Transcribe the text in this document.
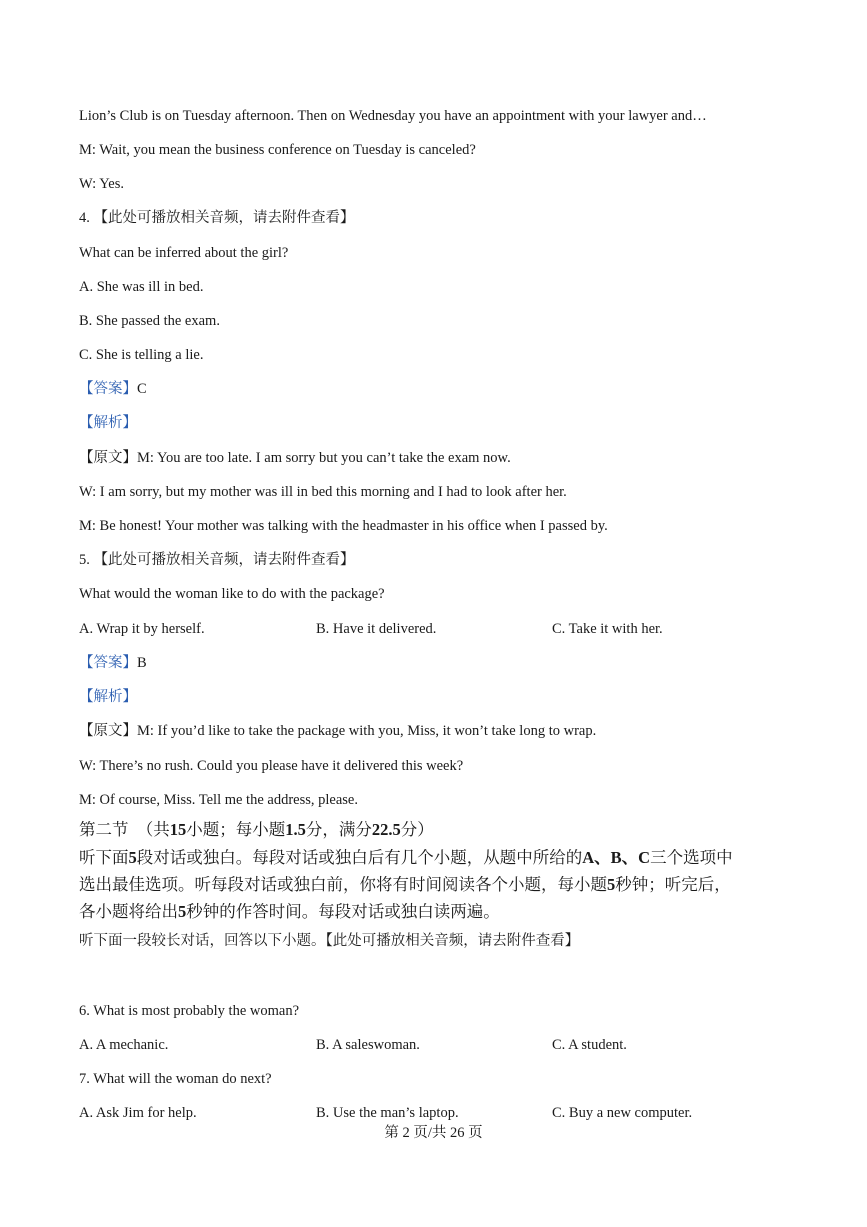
Lion’s Club is on Tuesday afternoon. Then on Wednesday you have an appointment with your lawyer and…
M: Wait, you mean the business conference on Tuesday is canceled?
W: Yes.
4. 【此处可播放相关音频，请去附件查看】
What can be inferred about the girl?
A. She was ill in bed.
B. She passed the exam.
C. She is telling a lie.
【答案】C
【解析】
【原文】M: You are too late. I am sorry but you can’t take the exam now.
W: I am sorry, but my mother was ill in bed this morning and I had to look after her.
M: Be honest! Your mother was talking with the headmaster in his office when I passed by.
5. 【此处可播放相关音频，请去附件查看】
What would the woman like to do with the package?
A. Wrap it by herself.	B. Have it delivered.	C. Take it with her.
【答案】B
【解析】
【原文】M: If you’d like to take the package with you, Miss, it won’t take long to wrap.
W: There’s no rush. Could you please have it delivered this week?
M: Of course, Miss. Tell me the address, please.
第二节　（共15小题；每小题1.5分，满分22.5分）
听下面5段对话或独白。每段对话或独白后有几个小题，从题中所给的A、B、C三个选项中
选出最佳选项。听每段对话或独白前，你将有时间阅读各个小题，每小题5秒钟；听完后，
各小题将给出5秒钟的作答时间。每段对话或独白读两遍。
听下面一段较长对话，回答以下小题。【此处可播放相关音频，请去附件查看】
6. What is most probably the woman?
A. A mechanic.	B. A saleswoman.	C. A student.
7. What will the woman do next?
A. Ask Jim for help.	B. Use the man’s laptop.	C. Buy a new computer.
第 2 页/共 26 页
